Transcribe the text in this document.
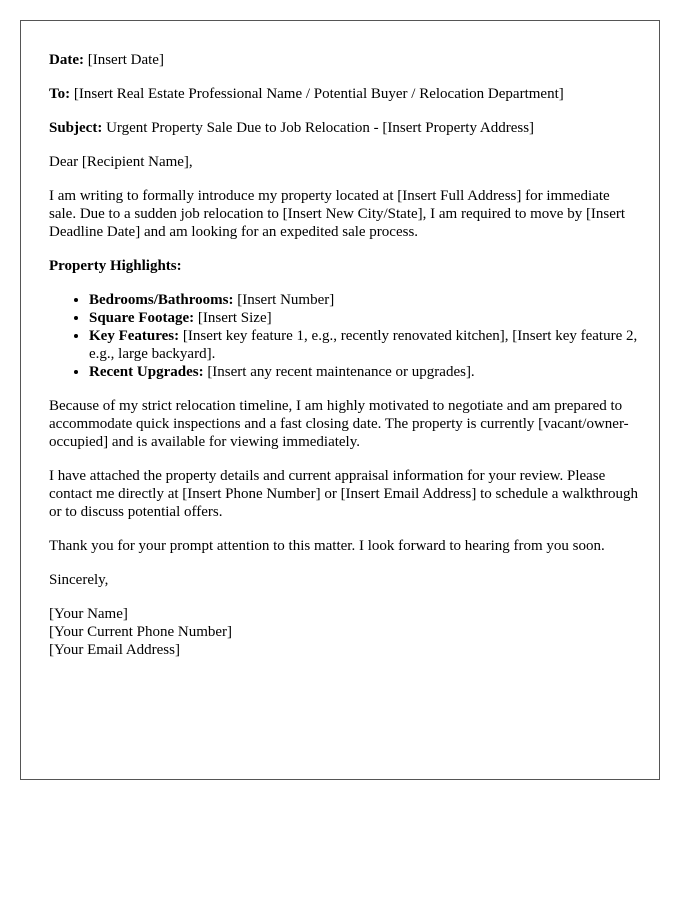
Date: [Insert Date]

To: [Insert Real Estate Professional Name / Potential Buyer / Relocation Department]

Subject: Urgent Property Sale Due to Job Relocation - [Insert Property Address]

Dear [Recipient Name],

I am writing to formally introduce my property located at [Insert Full Address] for immediate sale. Due to a sudden job relocation to [Insert New City/State], I am required to move by [Insert Deadline Date] and am looking for an expedited sale process.

Property Highlights:

• Bedrooms/Bathrooms: [Insert Number]
• Square Footage: [Insert Size]
• Key Features: [Insert key feature 1, e.g., recently renovated kitchen], [Insert key feature 2, e.g., large backyard].
• Recent Upgrades: [Insert any recent maintenance or upgrades].

Because of my strict relocation timeline, I am highly motivated to negotiate and am prepared to accommodate quick inspections and a fast closing date. The property is currently [vacant/owner-occupied] and is available for viewing immediately.

I have attached the property details and current appraisal information for your review. Please contact me directly at [Insert Phone Number] or [Insert Email Address] to schedule a walkthrough or to discuss potential offers.

Thank you for your prompt attention to this matter. I look forward to hearing from you soon.

Sincerely,

[Your Name]
[Your Current Phone Number]
[Your Email Address]
